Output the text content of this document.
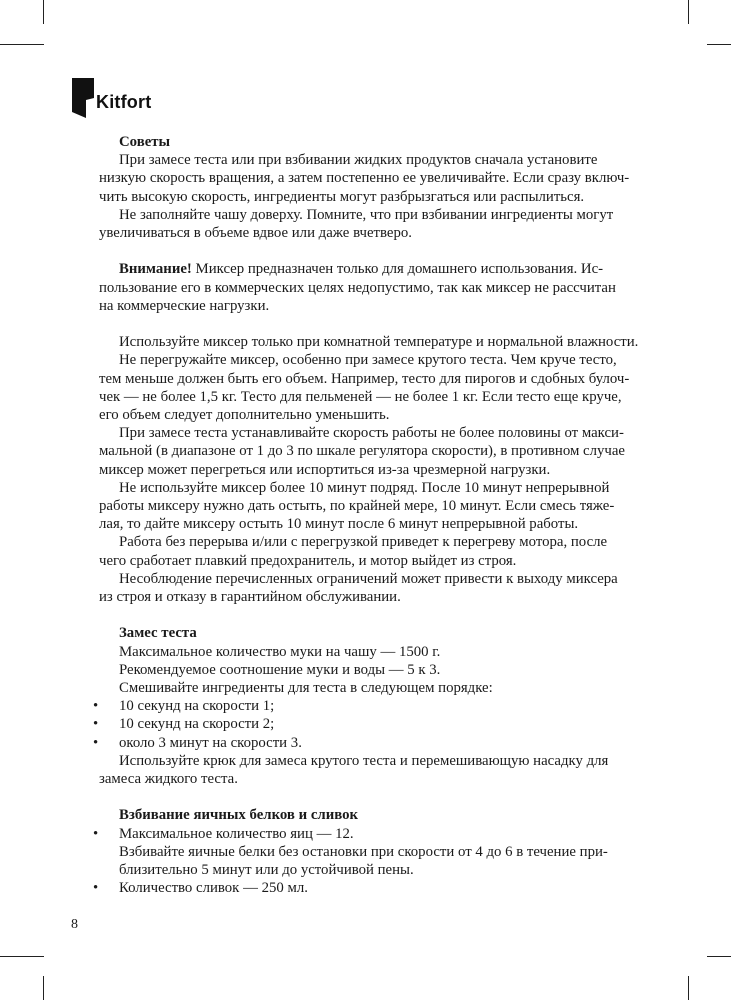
Kitfort

Советы

При замесе теста или при взбивании жидких продуктов сначала установите

низкую скорость вращения, а затем постепенно ее увеличивайте. Если сразу включ-

чить высокую скорость, ингредиенты могут разбрызгаться или распылиться.

Не заполняйте чашу доверху. Помните, что при взбивании ингредиенты могут

увеличиваться в объеме вдвое или даже вчетверо.

Внимание! Миксер предназначен только для домашнего использования. Ис-

пользование его в коммерческих целях недопустимо, так как миксер не рассчитан

на коммерческие нагрузки.

Используйте миксер только при комнатной температуре и нормальной влажности.

Не перегружайте миксер, особенно при замесе крутого теста. Чем круче тесто,

тем меньше должен быть его объем. Например, тесто для пирогов и сдобных булоч-

чек — не более 1,5 кг. Тесто для пельменей — не более 1 кг. Если тесто еще круче,

его объем следует дополнительно уменьшить.

При замесе теста устанавливайте скорость работы не более половины от макси-

мальной (в диапазоне от 1 до 3 по шкале регулятора скорости), в противном случае

миксер может перегреться или испортиться из-за чрезмерной нагрузки.

Не используйте миксер более 10 минут подряд. После 10 минут непрерывной

работы миксеру нужно дать остыть, по крайней мере, 10 минут. Если смесь тяже-

лая, то дайте миксеру остыть 10 минут после 6 минут непрерывной работы.

Работа без перерыва и/или с перегрузкой приведет к перегреву мотора, после

чего сработает плавкий предохранитель, и мотор выйдет из строя.

Несоблюдение перечисленных ограничений может привести к выходу миксера

из строя и отказу в гарантийном обслуживании.

Замес теста

Максимальное количество муки на чашу — 1500 г.

Рекомендуемое соотношение муки и воды — 5 к 3.

Смешивайте ингредиенты для теста в следующем порядке:

• 10 секунд на скорости 1;

• 10 секунд на скорости 2;

• около 3 минут на скорости 3.

Используйте крюк для замеса крутого теста и перемешивающую насадку для

замеса жидкого теста.

Взбивание яичных белков и сливок

• Максимальное количество яиц — 12.

Взбивайте яичные белки без остановки при скорости от 4 до 6 в течение при-

близительно 5 минут или до устойчивой пены.

• Количество сливок — 250 мл.

8
